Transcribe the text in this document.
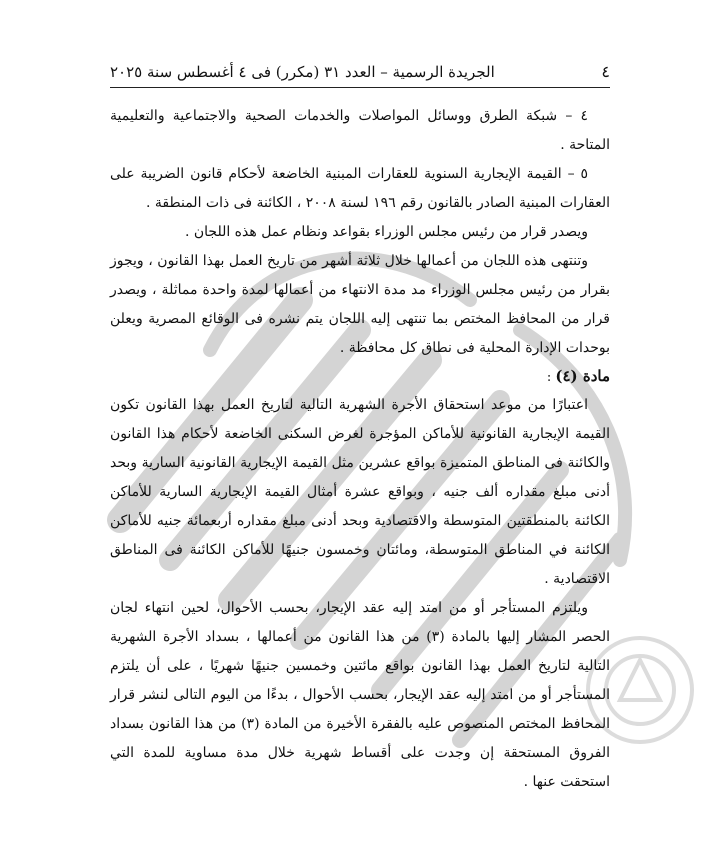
٤
الجريدة الرسمية – العدد ٣١ (مكرر) فى ٤ أغسطس سنة ٢٠٢٥

٤ – شبكة الطرق ووسائل المواصلات والخدمات الصحية والاجتماعية والتعليمية المتاحة .

٥ – القيمة الإيجارية السنوية للعقارات المبنية الخاضعة لأحكام قانون الضريبة على العقارات المبنية الصادر بالقانون رقم ١٩٦ لسنة ٢٠٠٨ ، الكائنة فى ذات المنطقة .

ويصدر قرار من رئيس مجلس الوزراء بقواعد ونظام عمل هذه اللجان .

وتنتهى هذه اللجان من أعمالها خلال ثلاثة أشهر من تاريخ العمل بهذا القانون ، ويجوز بقرار من رئيس مجلس الوزراء مد مدة الانتهاء من أعمالها لمدة واحدة مماثلة ، ويصدر قرار من المحافظ المختص بما تنتهى إليه اللجان يتم نشره فى الوقائع المصرية ويعلن بوحدات الإدارة المحلية فى نطاق كل محافظة .

مادة (٤) :

اعتبارًا من موعد استحقاق الأجرة الشهرية التالية لتاريخ العمل بهذا القانون تكون القيمة الإيجارية القانونية للأماكن المؤجرة لغرض السكنى الخاضعة لأحكام هذا القانون والكائنة فى المناطق المتميزة بواقع عشرين مثل القيمة الإيجارية القانونية السارية وبحد أدنى مبلغ مقداره ألف جنيه ، وبواقع عشرة أمثال القيمة الإيجارية السارية للأماكن الكائنة بالمنطقتين المتوسطة والاقتصادية وبحد أدنى مبلغ مقداره أربعمائة جنيه للأماكن الكائنة في المناطق المتوسطة، ومائتان وخمسون جنيهًا للأماكن الكائنة فى المناطق الاقتصادية .

ويلتزم المستأجر أو من امتد إليه عقد الإيجار، بحسب الأحوال، لحين انتهاء لجان الحصر المشار إليها بالمادة (٣) من هذا القانون من أعمالها ، بسداد الأجرة الشهرية التالية لتاريخ العمل بهذا القانون بواقع مائتين وخمسين جنيهًا شهريًا ، على أن يلتزم المستأجر أو من امتد إليه عقد الإيجار، بحسب الأحوال ، بدءًا من اليوم التالى لنشر قرار المحافظ المختص المنصوص عليه بالفقرة الأخيرة من المادة (٣) من هذا القانون بسداد الفروق المستحقة إن وجدت على أقساط شهرية خلال مدة مساوية للمدة التي استحقت عنها .
